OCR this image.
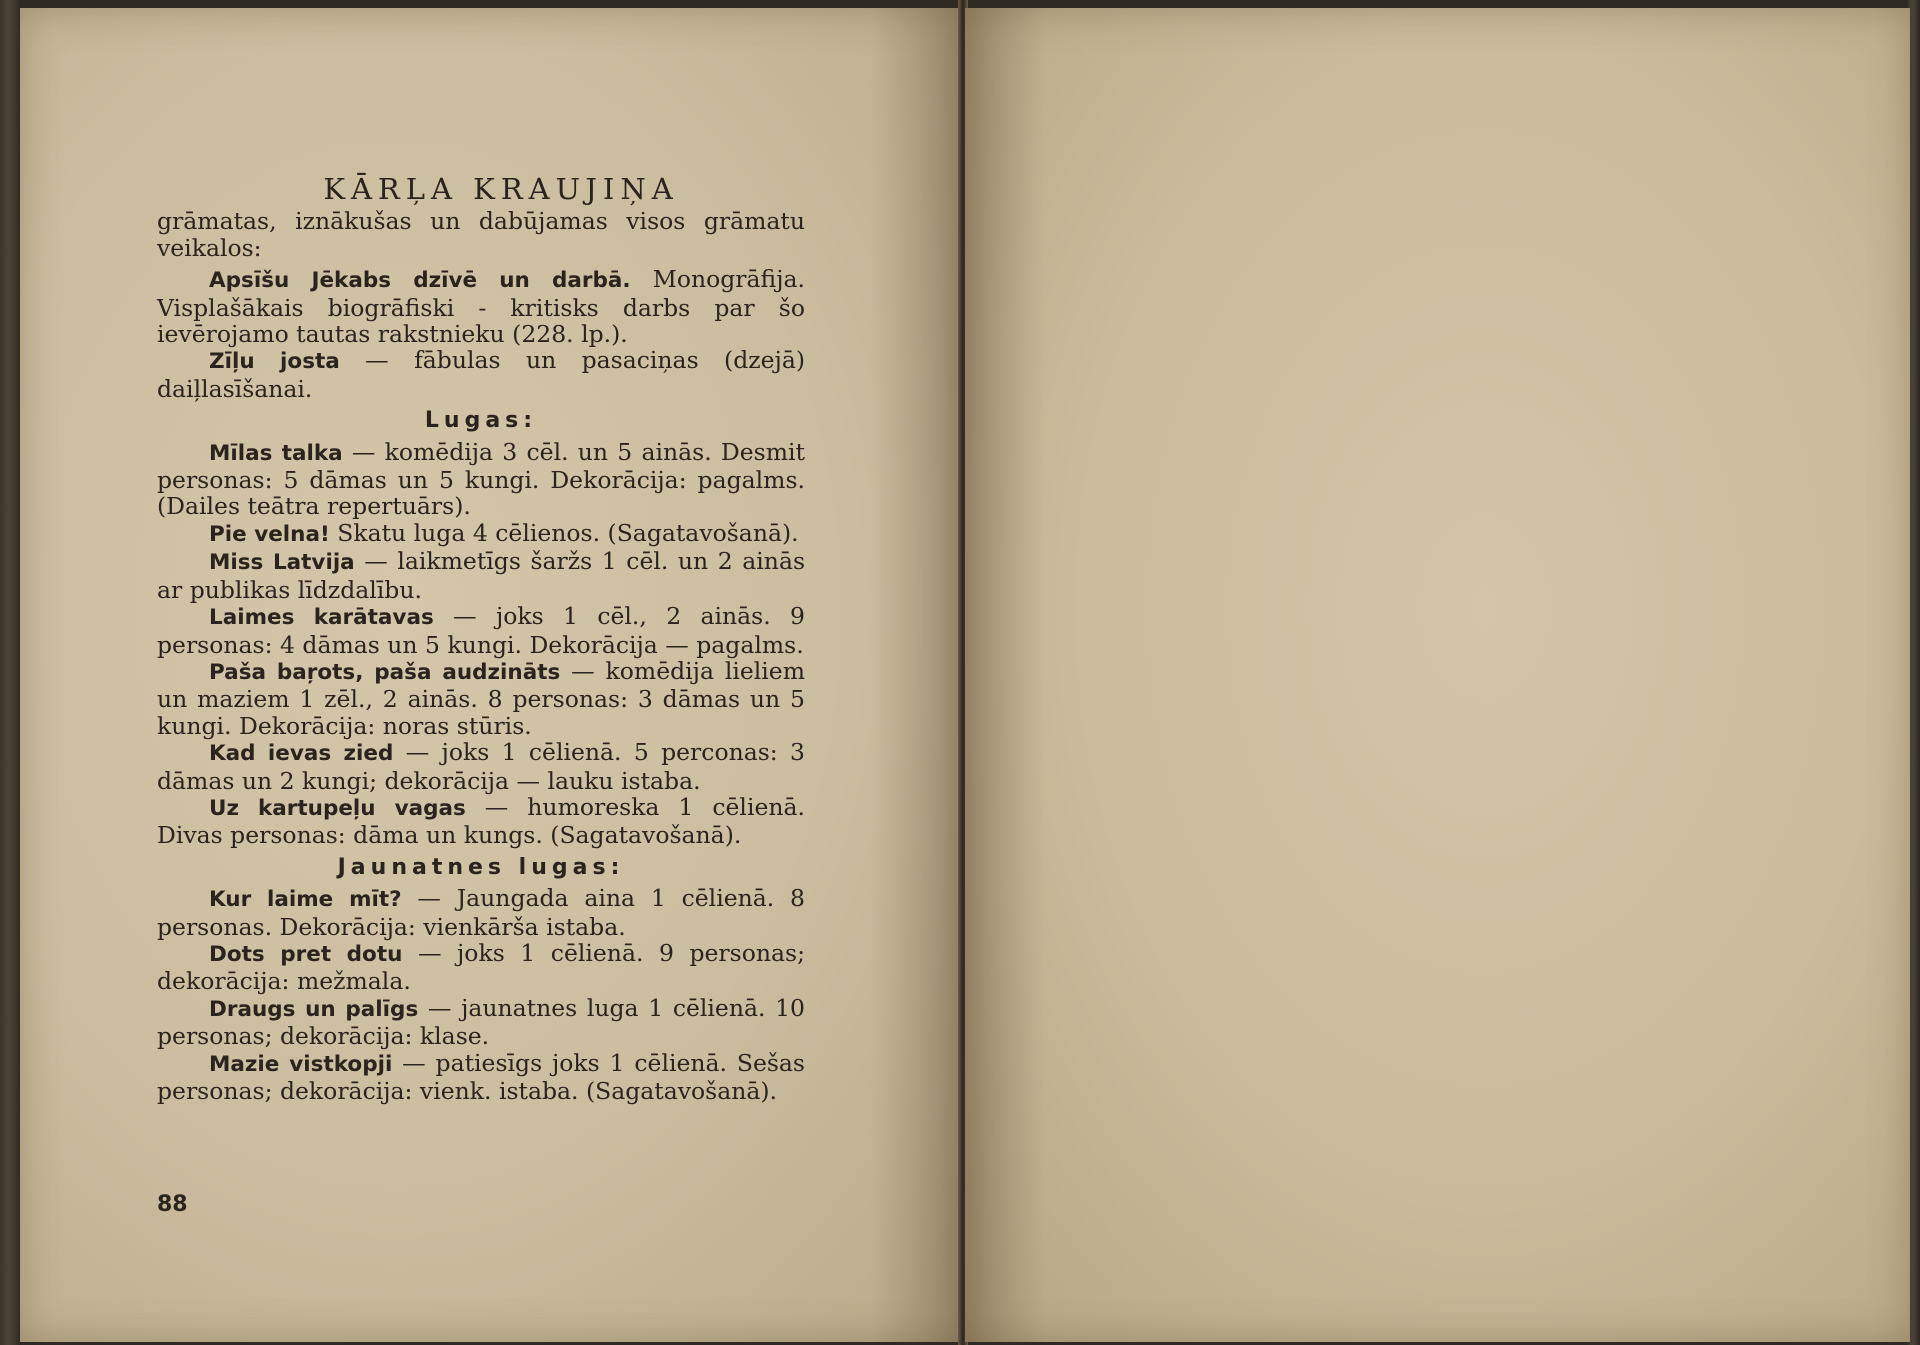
KĀRĻA KRAUJIŅA

grāmatas, iznākušas un dabūjamas visos grāmatu veikalos:

Apsīšu Jēkabs dzīvē un darbā. Monogrāfija. Visplašākais biogrāfiski - kritisks darbs par šo ievērojamo tautas rakstnieku (228. lp.).

Zīļu josta — fābulas un pasaciņas (dzejā) daiļlasīšanai.

Lugas:

Mīlas talka — komēdija 3 cēl. un 5 ainās. Desmit personas: 5 dāmas un 5 kungi. Dekorācija: pagalms. (Dailes teātra repertuārs).

Pie velna! Skatu luga 4 cēlienos. (Sagatavošanā).

Miss Latvija — laikmetīgs šaržs 1 cēl. un 2 ainās ar publikas līdzdalību.

Laimes karātavas — joks 1 cēl., 2 ainās. 9 personas: 4 dāmas un 5 kungi. Dekorācija — pagalms.

Paša baŗots, paša audzināts — komēdija lieliem un maziem 1 zēl., 2 ainās. 8 personas: 3 dāmas un 5 kungi. Dekorācija: noras stūris.

Kad ievas zied — joks 1 cēlienā. 5 perconas: 3 dāmas un 2 kungi; dekorācija — lauku istaba.

Uz kartupeļu vagas — humoreska 1 cēlienā. Divas personas: dāma un kungs. (Sagatavošanā).

Jaunatnes lugas:

Kur laime mīt? — Jaungada aina 1 cēlienā. 8 personas. Dekorācija: vienkārša istaba.

Dots pret dotu — joks 1 cēlienā. 9 personas; dekorācija: mežmala.

Draugs un palīgs — jaunatnes luga 1 cēlienā. 10 personas; dekorācija: klase.

Mazie vistkopji — patiesīgs joks 1 cēlienā. Sešas personas; dekorācija: vienk. istaba. (Sagatavošanā).

88
